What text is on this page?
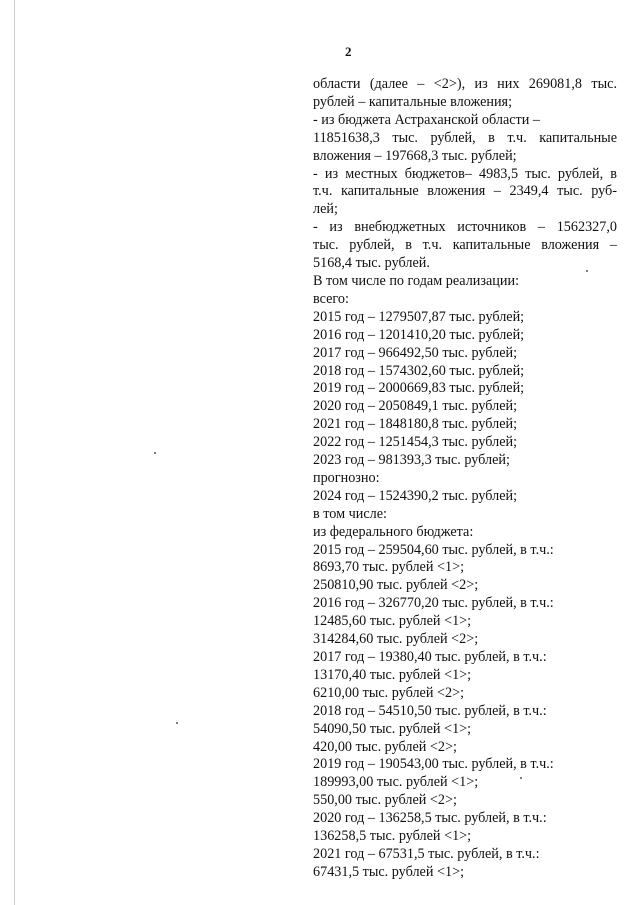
2
области (далее – <2>), из них 269081,8 тыс.
рублей – капитальные вложения;
- из бюджета Астраханской области –
11851638,3 тыс. рублей, в т.ч. капитальные
вложения – 197668,3 тыс. рублей;
- из местных бюджетов– 4983,5 тыс. рублей, в
т.ч. капитальные вложения – 2349,4 тыс. руб-
лей;
- из внебюджетных источников – 1562327,0
тыс. рублей, в т.ч. капитальные вложения –
5168,4 тыс. рублей.
В том числе по годам реализации:
всего:
2015 год – 1279507,87 тыс. рублей;
2016 год – 1201410,20 тыс. рублей;
2017 год – 966492,50 тыс. рублей;
2018 год – 1574302,60 тыс. рублей;
2019 год – 2000669,83 тыс. рублей;
2020 год – 2050849,1 тыс. рублей;
2021 год – 1848180,8 тыс. рублей;
2022 год – 1251454,3 тыс. рублей;
2023 год – 981393,3 тыс. рублей;
прогнозно:
2024 год – 1524390,2 тыс. рублей;
в том числе:
из федерального бюджета:
2015 год – 259504,60 тыс. рублей, в т.ч.:
8693,70 тыс. рублей <1>;
250810,90 тыс. рублей <2>;
2016 год – 326770,20 тыс. рублей, в т.ч.:
12485,60 тыс. рублей <1>;
314284,60 тыс. рублей <2>;
2017 год – 19380,40 тыс. рублей, в т.ч.:
13170,40 тыс. рублей <1>;
6210,00 тыс. рублей <2>;
2018 год – 54510,50 тыс. рублей, в т.ч.:
54090,50 тыс. рублей <1>;
420,00 тыс. рублей <2>;
2019 год – 190543,00 тыс. рублей, в т.ч.:
189993,00 тыс. рублей <1>;
550,00 тыс. рублей <2>;
2020 год – 136258,5 тыс. рублей, в т.ч.:
136258,5 тыс. рублей <1>;
2021 год – 67531,5 тыс. рублей, в т.ч.:
67431,5 тыс. рублей <1>;
